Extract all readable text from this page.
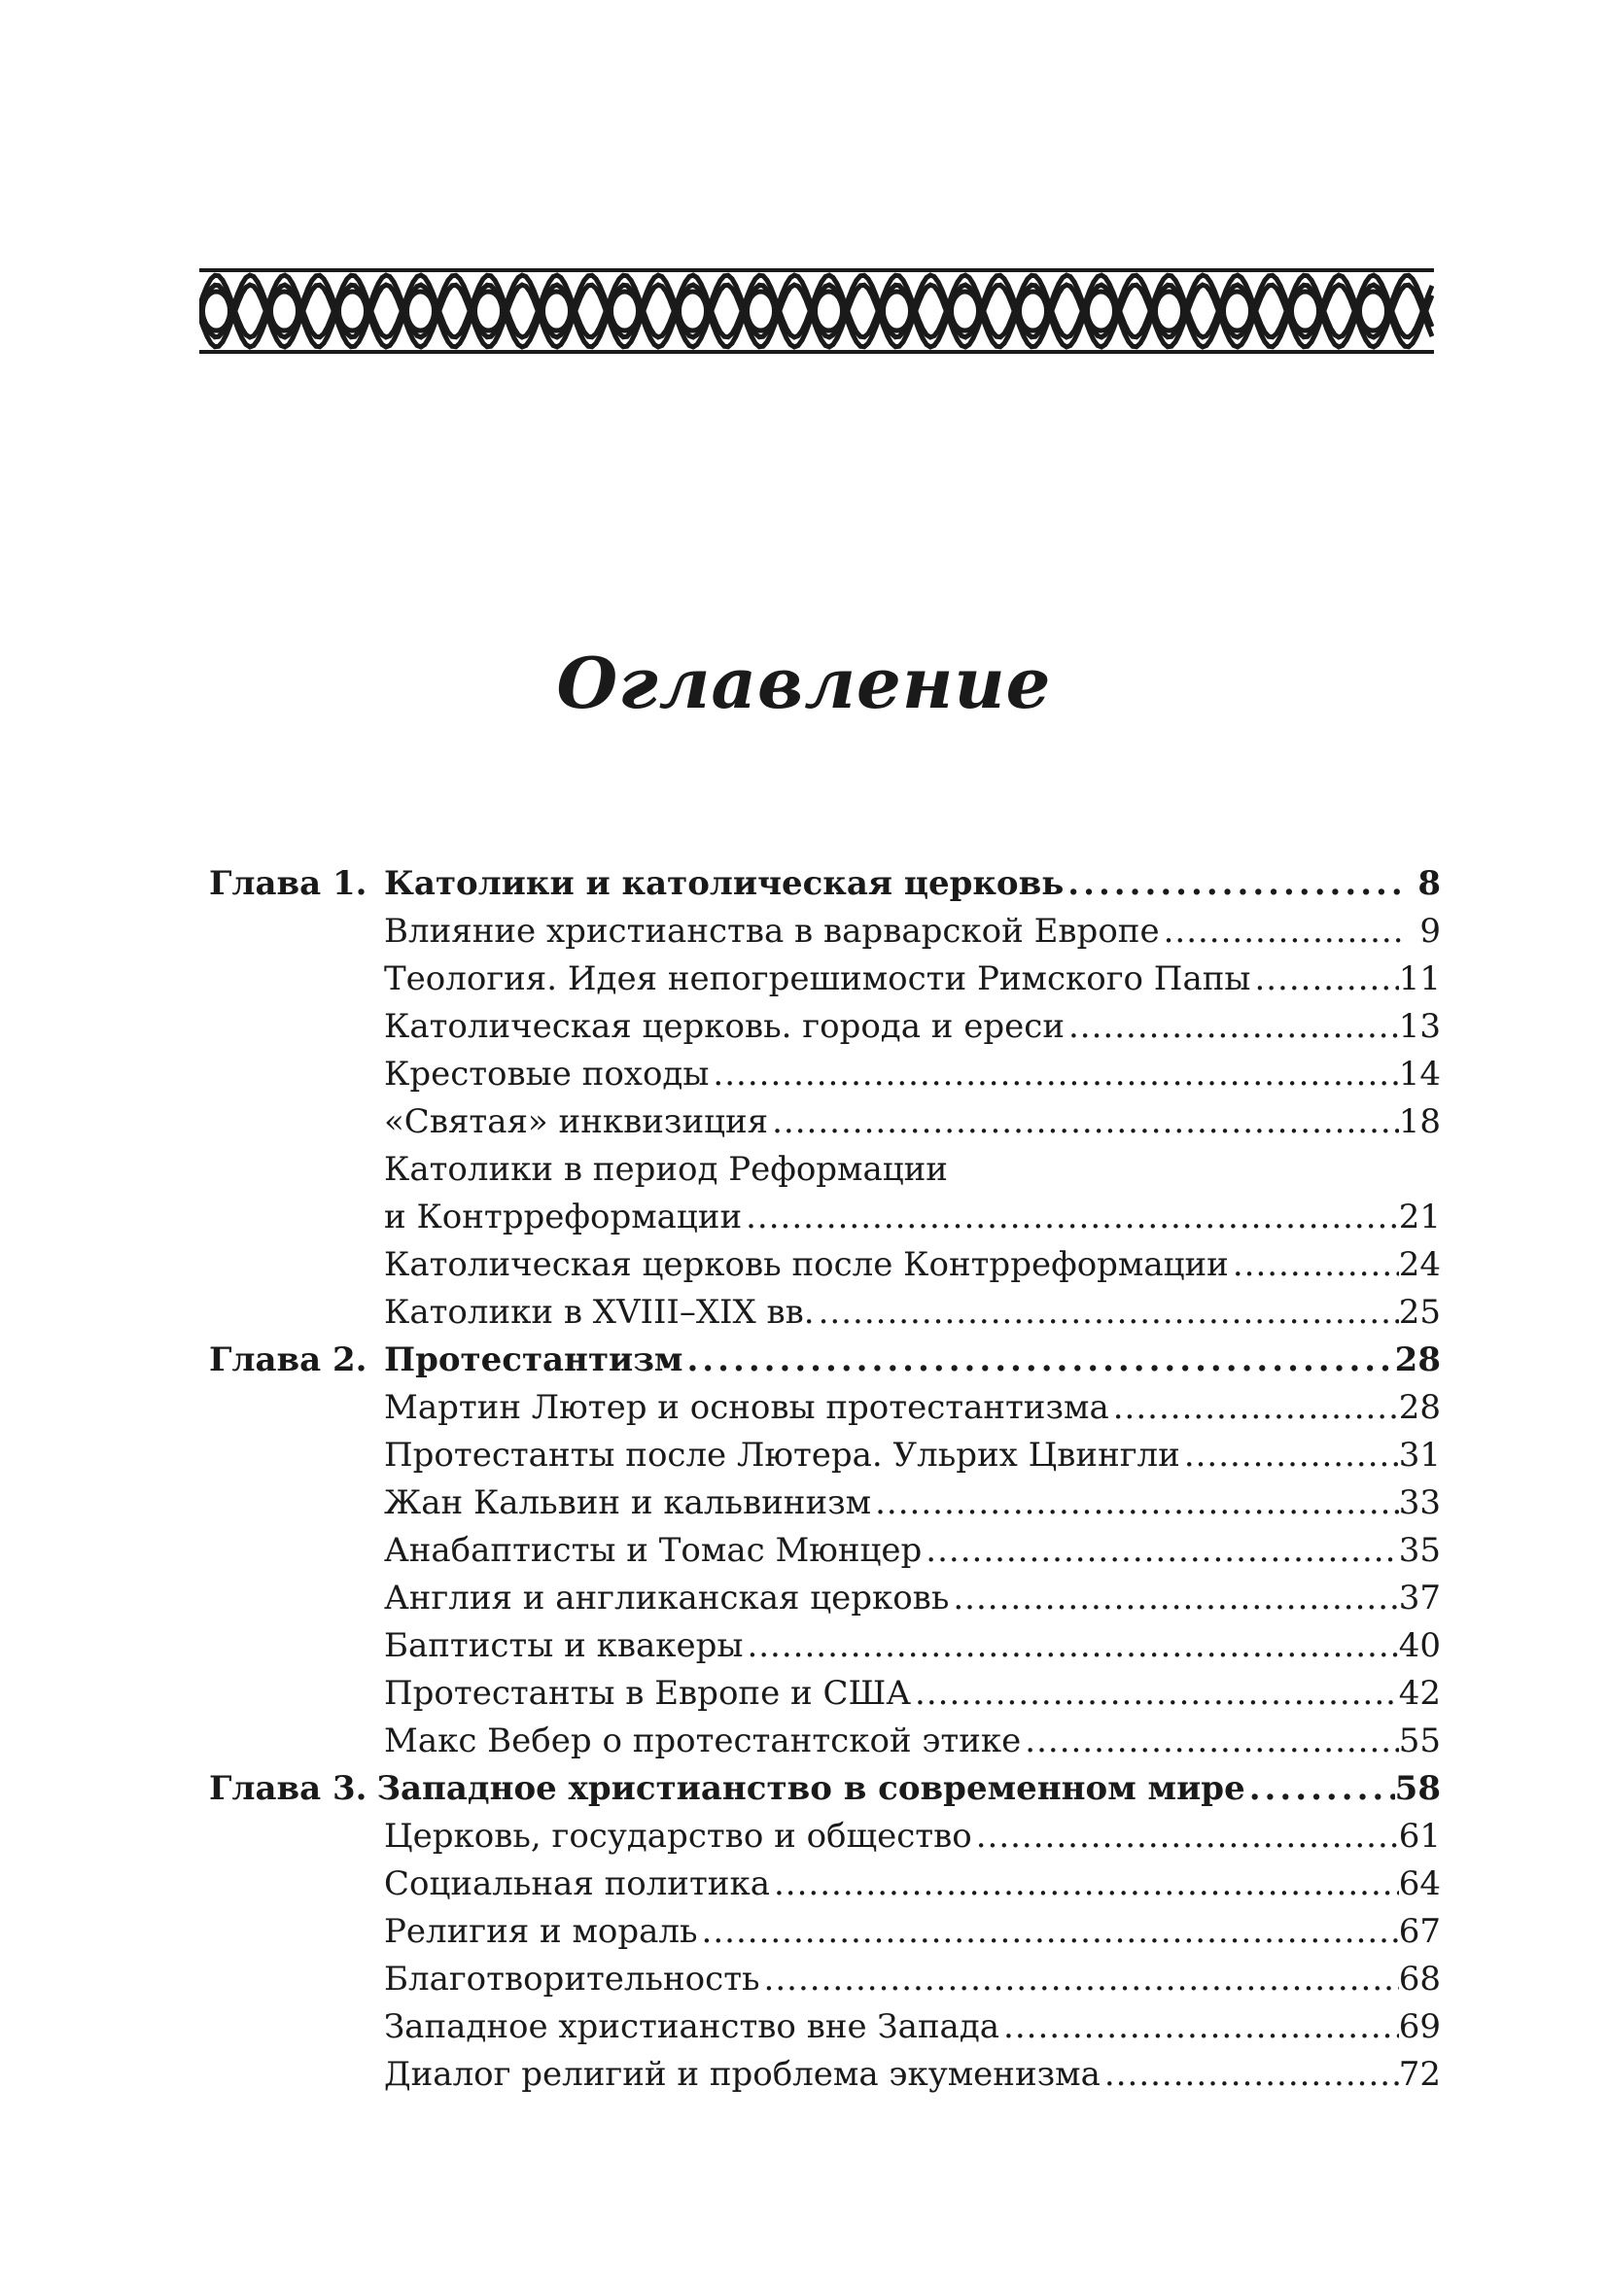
Оглавление
Глава 1. Католики и католическая церковь .....	8
Влияние христианства в варварской Европе .....	9
Теология. Идея непогрешимости Римского Папы .....	11
Католическая церковь. города и ереси .....	13
Крестовые походы .....	14
«Святая» инквизиция .....	18
Католики в период Реформации
и Контрреформации .....	21
Католическая церковь после Контрреформации .....	24
Католики в XVIII–XIX вв. .....	25
Глава 2. Протестантизм .....	28
Мартин Лютер и основы протестантизма .....	28
Протестанты после Лютера. Ульрих Цвингли .....	31
Жан Кальвин и кальвинизм .....	33
Анабаптисты и Томас Мюнцер .....	35
Англия и англиканская церковь .....	37
Баптисты и квакеры .....	40
Протестанты в Европе и США .....	42
Макс Вебер о протестантской этике .....	55
Глава 3. Западное христианство в современном мире .....	58
Церковь, государство и общество .....	61
Социальная политика .....	64
Религия и мораль .....	67
Благотворительность .....	68
Западное христианство вне Запада .....	69
Диалог религий и проблема экуменизма .....	72
